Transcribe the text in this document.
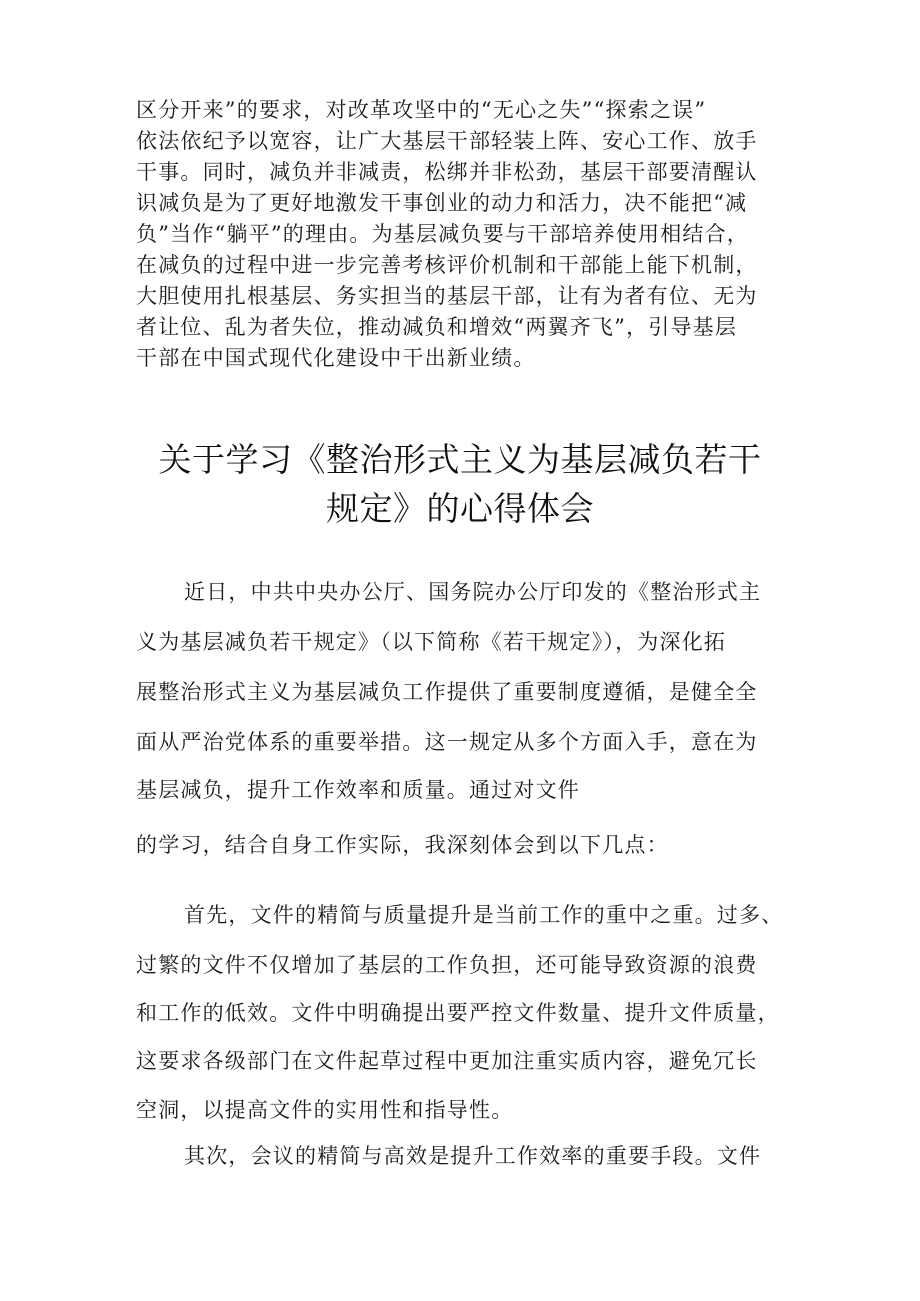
区分开来”的要求，对改革攻坚中的“无心之失”“探索之误”
依法依纪予以宽容，让广大基层干部轻装上阵、安心工作、放手
干事。同时，减负并非减责，松绑并非松劲，基层干部要清醒认
识减负是为了更好地激发干事创业的动力和活力，决不能把“减
负”当作“躺平”的理由。为基层减负要与干部培养使用相结合，
在减负的过程中进一步完善考核评价机制和干部能上能下机制，
大胆使用扎根基层、务实担当的基层干部，让有为者有位、无为
者让位、乱为者失位，推动减负和增效“两翼齐飞”，引导基层
干部在中国式现代化建设中干出新业绩。
关于学习《整治形式主义为基层减负若干
规定》的心得体会
近日，中共中央办公厅、国务院办公厅印发的《整治形式主
义为基层减负若干规定》（以下简称《若干规定》），为深化拓
展整治形式主义为基层减负工作提供了重要制度遵循，是健全全
面从严治党体系的重要举措。这一规定从多个方面入手，意在为
基层减负，提升工作效率和质量。通过对文件
的学习，结合自身工作实际，我深刻体会到以下几点：
首先，文件的精简与质量提升是当前工作的重中之重。过多、
过繁的文件不仅增加了基层的工作负担，还可能导致资源的浪费
和工作的低效。文件中明确提出要严控文件数量、提升文件质量，
这要求各级部门在文件起草过程中更加注重实质内容，避免冗长
空洞，以提高文件的实用性和指导性。
其次，会议的精简与高效是提升工作效率的重要手段。文件
